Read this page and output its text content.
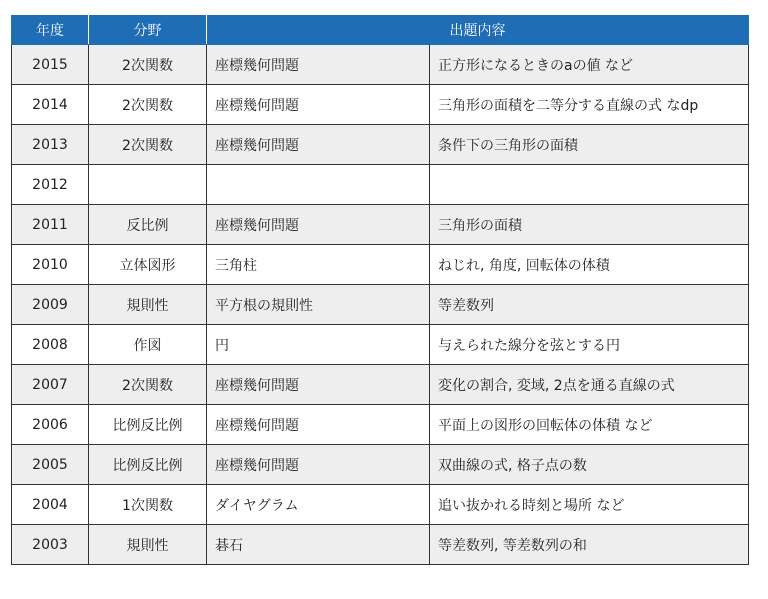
年度	分野	出題内容	
2015	2次関数	座標幾何問題	正方形になるときのaの値 など
2014	2次関数	座標幾何問題	三角形の面積を二等分する直線の式 なdp
2013	2次関数	座標幾何問題	条件下の三角形の面積
2012			
2011	反比例	座標幾何問題	三角形の面積
2010	立体図形	三角柱	ねじれ, 角度, 回転体の体積
2009	規則性	平方根の規則性	等差数列
2008	作図	円	与えられた線分を弦とする円
2007	2次関数	座標幾何問題	変化の割合, 変域, 2点を通る直線の式
2006	比例反比例	座標幾何問題	平面上の図形の回転体の体積 など
2005	比例反比例	座標幾何問題	双曲線の式, 格子点の数
2004	1次関数	ダイヤグラム	追い抜かれる時刻と場所 など
2003	規則性	碁石	等差数列, 等差数列の和
